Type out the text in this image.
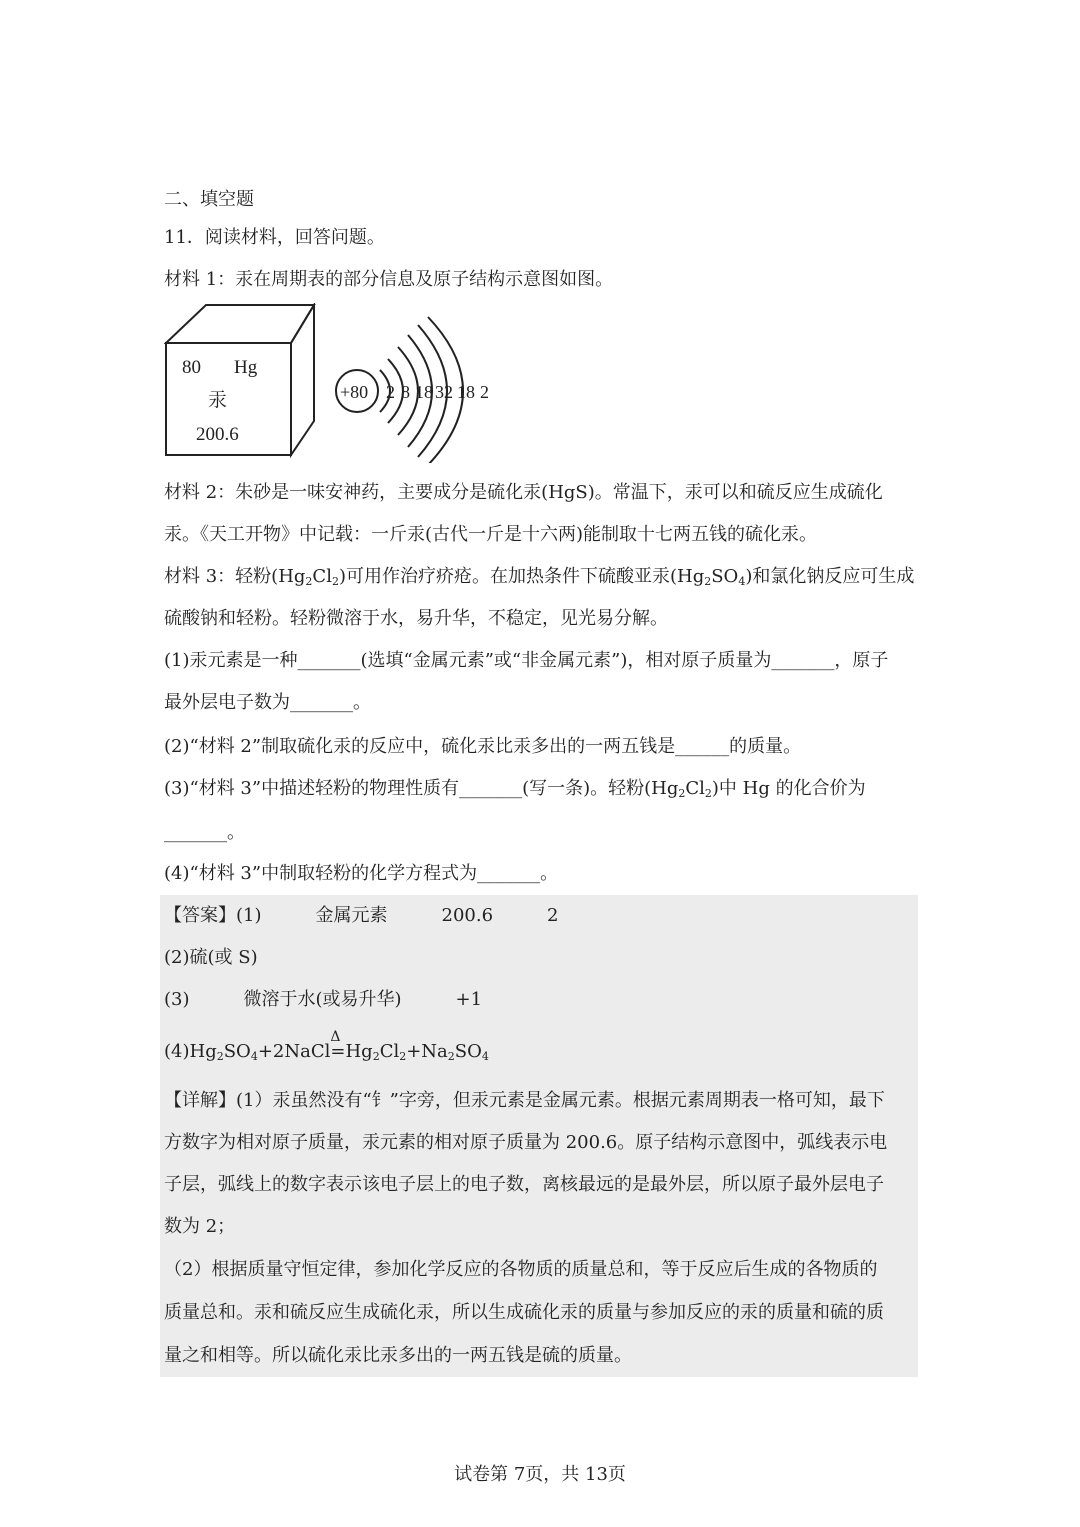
二、填空题
11．阅读材料，回答问题。
材料 1：汞在周期表的部分信息及原子结构示意图如图。
80 Hg
汞
200.6
+80 2 8 18 32 18 2
材料 2：朱砂是一味安神药，主要成分是硫化汞(HgS)。常温下，汞可以和硫反应生成硫化
汞。《天工开物》中记载：一斤汞(古代一斤是十六两)能制取十七两五钱的硫化汞。
材料 3：轻粉$(Hg_2Cl_2)$可用作治疗疥疮。在加热条件下硫酸亚汞$(Hg_2SO_4)$和氯化钠反应可生成
硫酸钠和轻粉。轻粉微溶于水，易升华，不稳定，见光易分解。
(1)汞元素是一种_______(选填“金属元素”或“非金属元素”)，相对原子质量为_______，原子
最外层电子数为_______。
(2)“材料 2”制取硫化汞的反应中，硫化汞比汞多出的一两五钱是______的质量。
(3)“材料 3”中描述轻粉的物理性质有_______(写一条)。轻粉$(Hg_2Cl_2)$中 Hg 的化合价为
_______。
(4)“材料 3”中制取轻粉的化学方程式为_______。
【答案】(1)	金属元素	200.6	2
(2)硫(或 S)
(3)	微溶于水(或易升华)	+1
$(4)Hg_2SO_4+2NaCl$
Δ
$=Hg_2Cl_2+Na_2SO_4$
【详解】(1）汞虽然没有“钅”字旁，但汞元素是金属元素。根据元素周期表一格可知，最下
方数字为相对原子质量，汞元素的相对原子质量为 200.6。原子结构示意图中，弧线表示电
子层，弧线上的数字表示该电子层上的电子数，离核最远的是最外层，所以原子最外层电子
数为 2；
（2）根据质量守恒定律，参加化学反应的各物质的质量总和，等于反应后生成的各物质的
质量总和。汞和硫反应生成硫化汞，所以生成硫化汞的质量与参加反应的汞的质量和硫的质
量之和相等。所以硫化汞比汞多出的一两五钱是硫的质量。
试卷第 7页，共 13页
